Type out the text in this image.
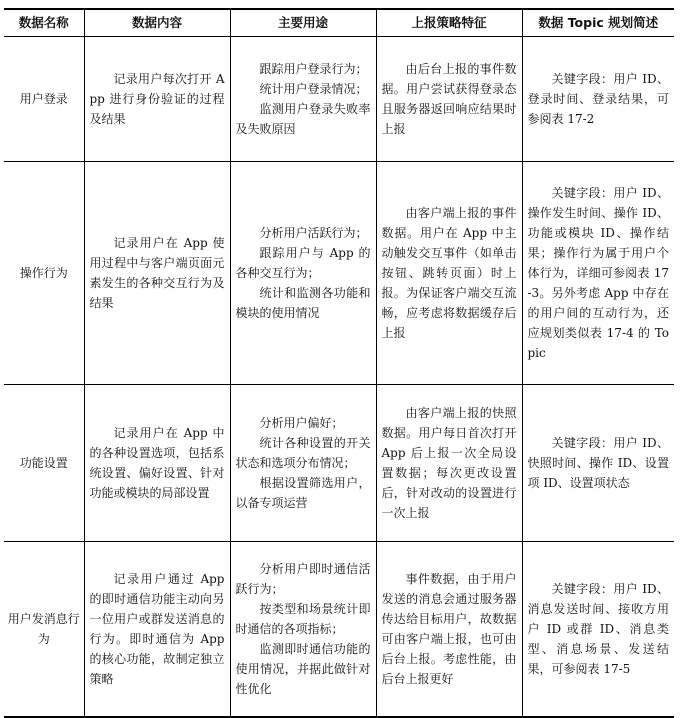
数据名称	数据内容	主要用途	上报策略特征	数据 Topic 规划简述
用户登录	记录用户每次打开 App 进行身份验证的过程及结果	跟踪用户登录行为；
统计用户登录情况；
监测用户登录失败率及失败原因	由后台上报的事件数据。用户尝试获得登录态且服务器返回响应结果时上报	关键字段：用户 ID、登录时间、登录结果，可参阅表 17-2
操作行为	记录用户在 App 使用过程中与客户端页面元素发生的各种交互行为及结果	分析用户活跃行为；
跟踪用户与 App 的各种交互行为；
统计和监测各功能和模块的使用情况	由客户端上报的事件数据。用户在 App 中主动触发交互事件（如单击按钮、跳转页面）时上报。为保证客户端交互流畅，应考虑将数据缓存后上报	关键字段：用户 ID、操作发生时间、操作 ID、功能或模块 ID、操作结果；操作行为属于用户个体行为，详细可参阅表 17-3。另外考虑 App 中存在的用户间的互动行为，还应规划类似表 17-4 的 Topic
功能设置	记录用户在 App 中的各种设置选项，包括系统设置、偏好设置、针对功能或模块的局部设置	分析用户偏好；
统计各种设置的开关状态和选项分布情况；
根据设置筛选用户，以备专项运营	由客户端上报的快照数据。用户每日首次打开 App 后上报一次全局设置数据；每次更改设置后，针对改动的设置进行一次上报	关键字段：用户 ID、快照时间、操作 ID、设置项 ID、设置项状态
用户发消息行为	记录用户通过 App 的即时通信功能主动向另一位用户或群发送消息的行为。即时通信为 App 的核心功能，故制定独立策略	分析用户即时通信活跃行为；
按类型和场景统计即时通信的各项指标；
监测即时通信功能的使用情况，并据此做针对性优化	事件数据，由于用户发送的消息会通过服务器传达给目标用户，故数据可由客户端上报，也可由后台上报。考虑性能，由后台上报更好	关键字段：用户 ID、消息发送时间、接收方用户 ID 或群 ID、消息类型、消息场景、发送结果，可参阅表 17-5
